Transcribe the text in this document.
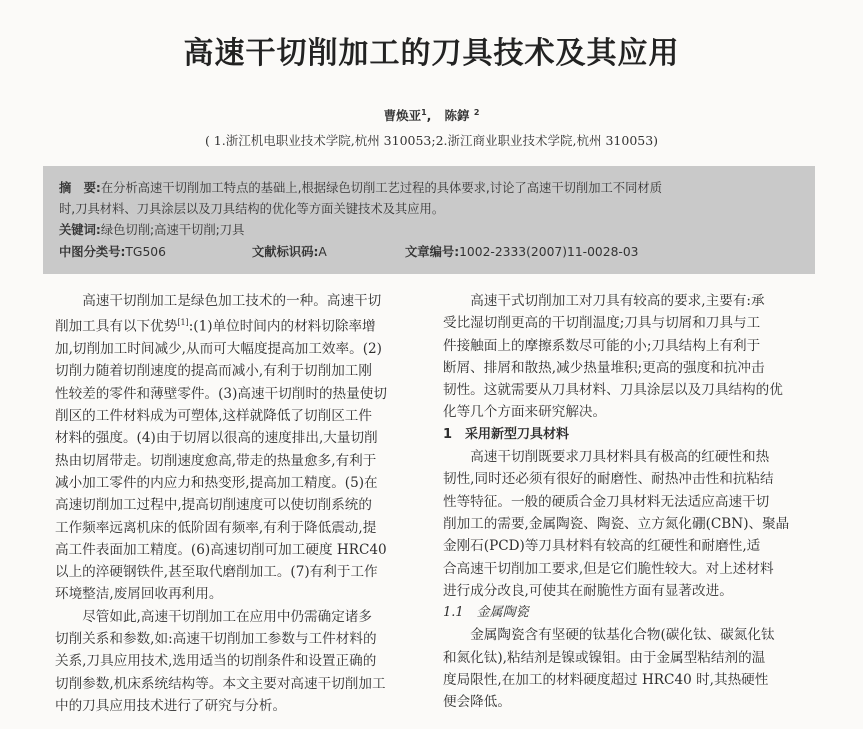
高速干切削加工的刀具技术及其应用
曹焕亚$^1$, 陈錞 $^2$
( 1.浙江机电职业技术学院,杭州 310053;2.浙江商业职业技术学院,杭州 310053)
摘　要:在分析高速干切削加工特点的基础上,根据绿色切削工艺过程的具体要求,讨论了高速干切削加工不同材质
时,刀具材料、刀具涂层以及刀具结构的优化等方面关键技术及其应用。
关键词:绿色切削;高速干切削;刀具
中图分类号:TG506	文献标识码:A	文章编号:1002-2333(2007)11-0028-03
高速干切削加工是绿色加工技术的一种。高速干切
削加工具有以下优势[1]:(1)单位时间内的材料切除率增
加,切削加工时间减少,从而可大幅度提高加工效率。(2)
切削力随着切削速度的提高而减小,有利于切削加工刚
性较差的零件和薄壁零件。(3)高速干切削时的热量使切
削区的工件材料成为可塑体,这样就降低了切削区工件
材料的强度。(4)由于切屑以很高的速度排出,大量切削
热由切屑带走。切削速度愈高,带走的热量愈多,有利于
减小加工零件的内应力和热变形,提高加工精度。(5)在
高速切削加工过程中,提高切削速度可以使切削系统的
工作频率远离机床的低阶固有频率,有利于降低震动,提
高工件表面加工精度。(6)高速切削可加工硬度 HRC40
以上的淬硬钢铁件,甚至取代磨削加工。(7)有利于工作
环境整洁,废屑回收再利用。
尽管如此,高速干切削加工在应用中仍需确定诸多
切削关系和参数,如:高速干切削加工参数与工件材料的
关系,刀具应用技术,选用适当的切削条件和设置正确的
切削参数,机床系统结构等。本文主要对高速干切削加工
中的刀具应用技术进行了研究与分析。
高速干式切削加工对刀具有较高的要求,主要有:承
受比湿切削更高的干切削温度;刀具与切屑和刀具与工
件接触面上的摩擦系数尽可能的小;刀具结构上有利于
断屑、排屑和散热,减少热量堆积;更高的强度和抗冲击
韧性。这就需要从刀具材料、刀具涂层以及刀具结构的优
化等几个方面来研究解决。
1　采用新型刀具材料
高速干切削既要求刀具材料具有极高的红硬性和热
韧性,同时还必须有很好的耐磨性、耐热冲击性和抗粘结
性等特征。一般的硬质合金刀具材料无法适应高速干切
削加工的需要,金属陶瓷、陶瓷、立方氮化硼(CBN)、聚晶
金刚石(PCD)等刀具材料有较高的红硬性和耐磨性,适
合高速干切削加工要求,但是它们脆性较大。对上述材料
进行成分改良,可使其在耐脆性方面有显著改进。
1.1　金属陶瓷
金属陶瓷含有坚硬的钛基化合物(碳化钛、碳氮化钛
和氮化钛),粘结剂是镍或镍钼。由于金属型粘结剂的温
度局限性,在加工的材料硬度超过 HRC40 时,其热硬性
便会降低。
